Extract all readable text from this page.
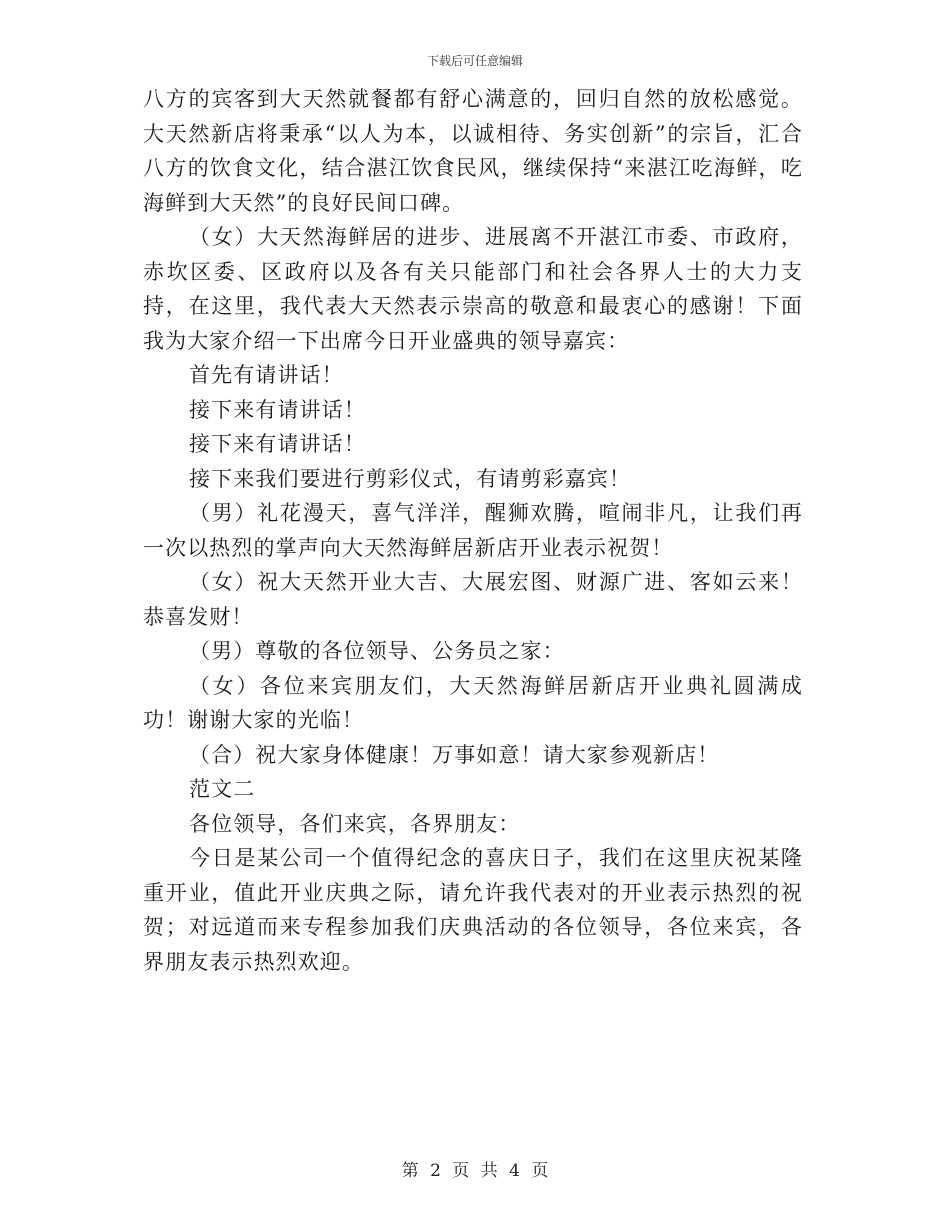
下载后可任意编辑

八方的宾客到大天然就餐都有舒心满意的，回归自然的放松感觉。大天然新店将秉承“以人为本，以诚相待、务实创新”的宗旨，汇合八方的饮食文化，结合湛江饮食民风，继续保持“来湛江吃海鲜，吃海鲜到大天然”的良好民间口碑。

（女）大天然海鲜居的进步、进展离不开湛江市委、市政府，赤坎区委、区政府以及各有关只能部门和社会各界人士的大力支持，在这里，我代表大天然表示崇高的敬意和最衷心的感谢！下面我为大家介绍一下出席今日开业盛典的领导嘉宾：

首先有请讲话！

接下来有请讲话！

接下来有请讲话！

接下来我们要进行剪彩仪式，有请剪彩嘉宾！

（男）礼花漫天，喜气洋洋，醒狮欢腾，喧闹非凡，让我们再一次以热烈的掌声向大天然海鲜居新店开业表示祝贺！

（女）祝大天然开业大吉、大展宏图、财源广进、客如云来！恭喜发财！

（男）尊敬的各位领导、公务员之家：

（女）各位来宾朋友们，大天然海鲜居新店开业典礼圆满成功！谢谢大家的光临！

（合）祝大家身体健康！万事如意！请大家参观新店！

范文二

各位领导，各们来宾，各界朋友：

今日是某公司一个值得纪念的喜庆日子，我们在这里庆祝某隆重开业，值此开业庆典之际，请允许我代表对的开业表示热烈的祝贺；对远道而来专程参加我们庆典活动的各位领导，各位来宾，各界朋友表示热烈欢迎。

第 2 页 共 4 页
